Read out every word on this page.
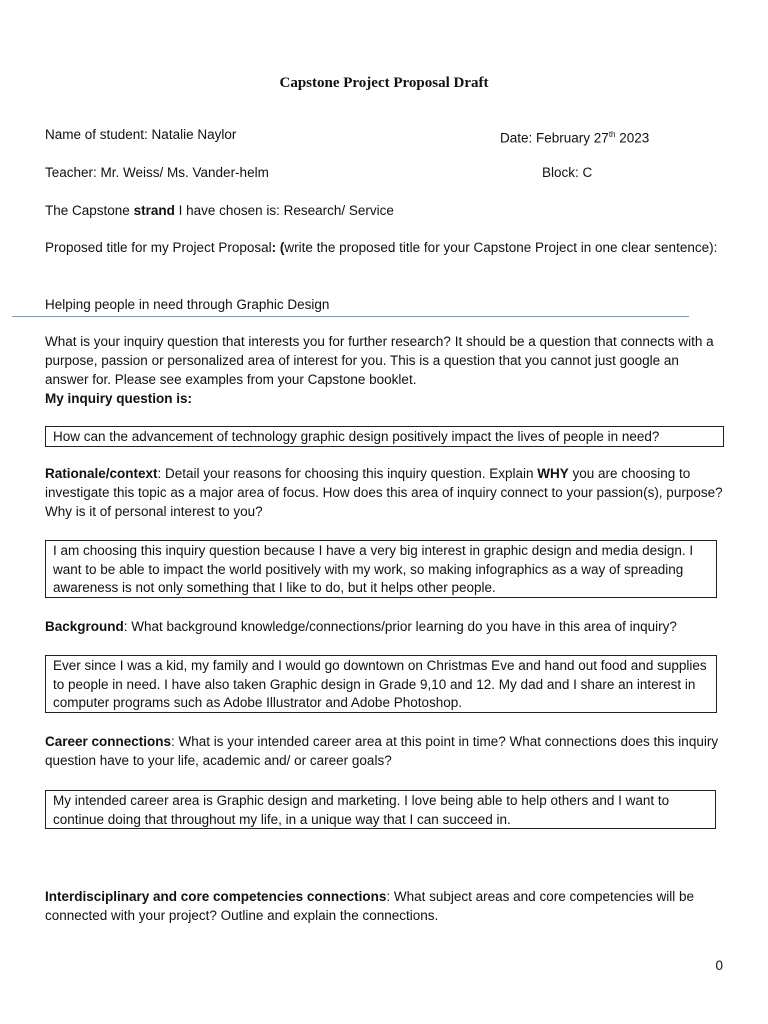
Capstone Project Proposal Draft
Name of student: Natalie Naylor	Date: February 27th 2023
Teacher: Mr. Weiss/ Ms. Vander-helm	Block: C
The Capstone strand I have chosen is: Research/ Service
Proposed title for my Project Proposal: (write the proposed title for your Capstone Project in one clear sentence):
Helping people in need through Graphic Design
What is your inquiry question that interests you for further research? It should be a question that connects with a purpose, passion or personalized area of interest for you. This is a question that you cannot just google an answer for. Please see examples from your Capstone booklet.
My inquiry question is:
How can the advancement of technology graphic design positively impact the lives of people in need?
Rationale/context: Detail your reasons for choosing this inquiry question. Explain WHY you are choosing to investigate this topic as a major area of focus. How does this area of inquiry connect to your passion(s), purpose? Why is it of personal interest to you?
I am choosing this inquiry question because I have a very big interest in graphic design and media design. I want to be able to impact the world positively with my work, so making infographics as a way of spreading awareness is not only something that I like to do, but it helps other people.
Background: What background knowledge/connections/prior learning do you have in this area of inquiry?
Ever since I was a kid, my family and I would go downtown on Christmas Eve and hand out food and supplies to people in need. I have also taken Graphic design in Grade 9,10 and 12. My dad and I share an interest in computer programs such as Adobe Illustrator and Adobe Photoshop.
Career connections: What is your intended career area at this point in time? What connections does this inquiry question have to your life, academic and/ or career goals?
My intended career area is Graphic design and marketing. I love being able to help others and I want to continue doing that throughout my life, in a unique way that I can succeed in.
Interdisciplinary and core competencies connections: What subject areas and core competencies will be connected with your project? Outline and explain the connections.
0
